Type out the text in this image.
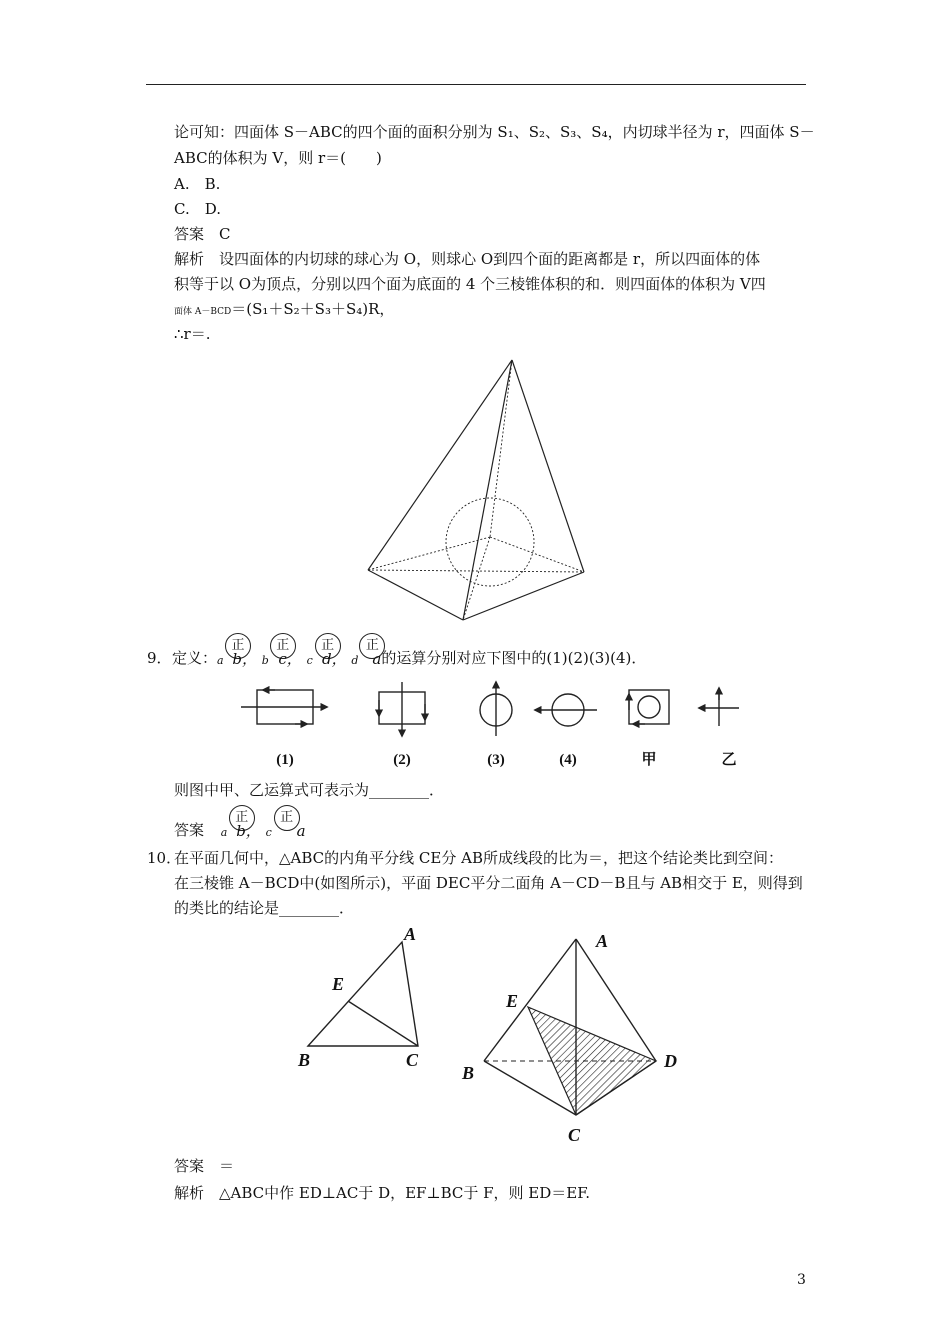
论可知：四面体 S－ABC的四个面的面积分别为 S₁、S₂、S₃、S₄，内切球半径为 r，四面体 S－
ABC的体积为 V，则 r＝(　　)
A.　B.
C.　D.
答案　C
解析　设四面体的内切球的球心为 O，则球心 O到四个面的距离都是 r，所以四面体的体
积等于以 O为顶点，分别以四个面为底面的 4 个三棱锥体积的和．则四面体的体积为 V四
面体 A－BCD＝(S₁＋S₂＋S₃＋S₄)R，
∴r＝.
9． 定义： a
正
b，
b
正
c，
c
正
d，
d
正
a 的运算分别对应下图中的(1)(2)(3)(4)．
(1)	(2)	(3)	(4)	甲	乙
则图中甲、乙运算式可表示为________．
答案 a
正
b，
c
正
a
10．
在平面几何中，△ABC的内角平分线 CE分 AB所成线段的比为＝，把这个结论类比到空间：
在三棱锥 A－BCD中(如图所示)，平面 DEC平分二面角 A－CD－B且与 AB相交于 E，则得到
的类比的结论是________．
A
E
B	C
A
E
B
C
D
答案　＝
解析　△ABC中作 ED⊥AC于 D，EF⊥BC于 F，则 ED＝EF.
3
